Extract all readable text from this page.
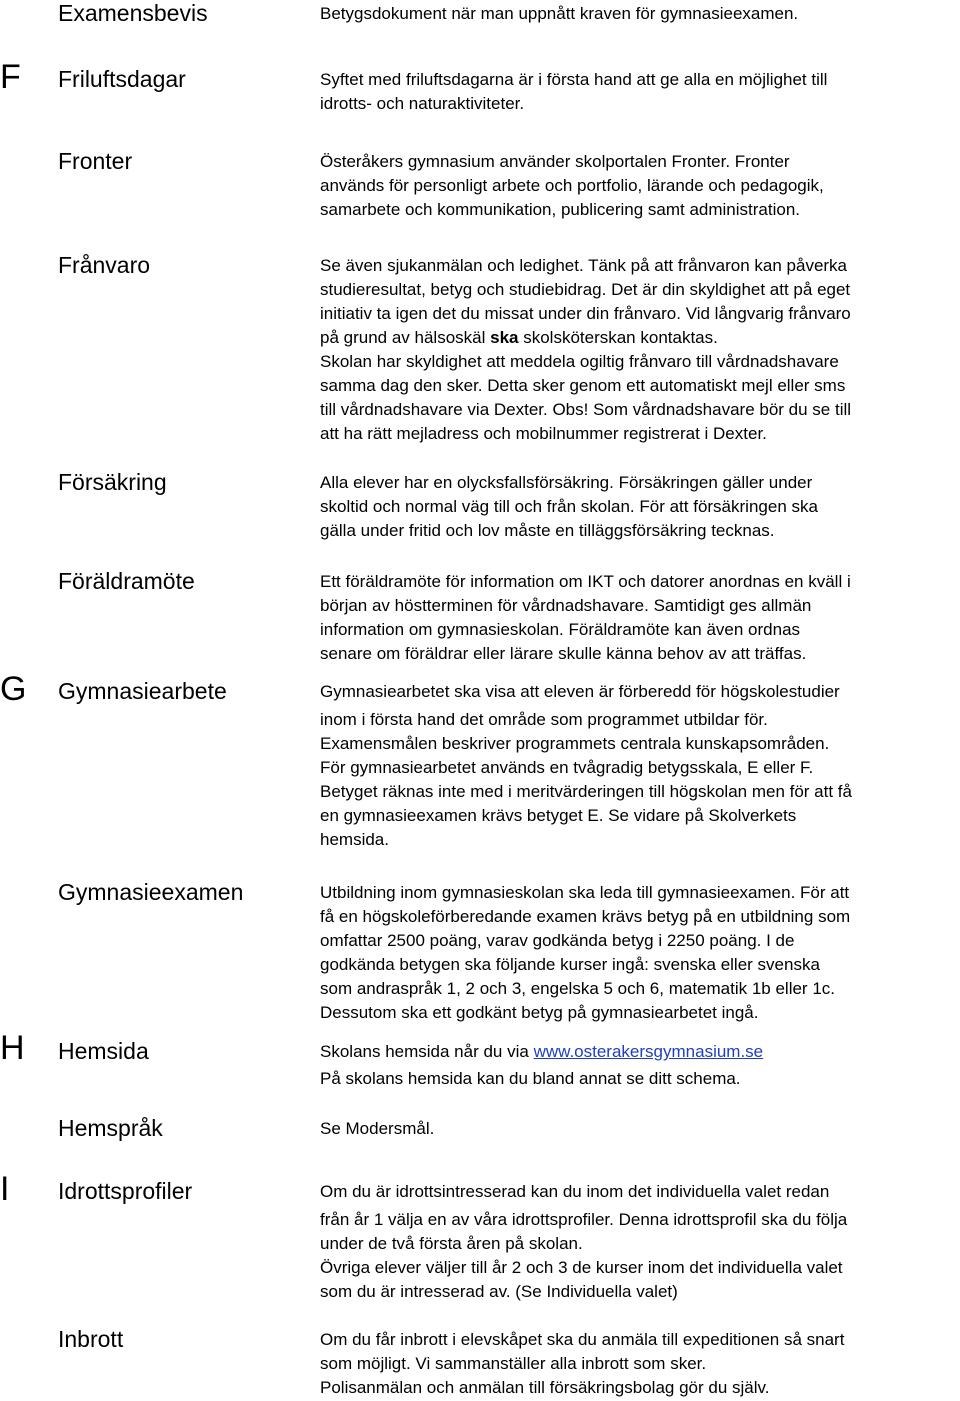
Examensbevis	Betygsdokument när man uppnått kraven för gymnasieexamen.
F Friluftsdagar	Syftet med friluftsdagarna är i första hand att ge alla en möjlighet till
idrotts- och naturaktiviteter.
Fronter	Österåkers gymnasium använder skolportalen Fronter. Fronter
används för personligt arbete och portfolio, lärande och pedagogik,
samarbete och kommunikation, publicering samt administration.
Frånvaro	Se även sjukanmälan och ledighet. Tänk på att frånvaron kan påverka
studieresultat, betyg och studiebidrag. Det är din skyldighet att på eget
initiativ ta igen det du missat under din frånvaro. Vid långvarig frånvaro
på grund av hälsoskäl ska skolsköterskan kontaktas.
Skolan har skyldighet att meddela ogiltig frånvaro till vårdnadshavare
samma dag den sker. Detta sker genom ett automatiskt mejl eller sms
till vårdnadshavare via Dexter. Obs! Som vårdnadshavare bör du se till
att ha rätt mejladress och mobilnummer registrerat i Dexter.
Försäkring	Alla elever har en olycksfallsförsäkring. Försäkringen gäller under
skoltid och normal väg till och från skolan. För att försäkringen ska
gälla under fritid och lov måste en tilläggsförsäkring tecknas.
Föräldramöte	Ett föräldramöte för information om IKT och datorer anordnas en kväll i
början av höstterminen för vårdnadshavare. Samtidigt ges allmän
information om gymnasieskolan. Föräldramöte kan även ordnas
senare om föräldrar eller lärare skulle känna behov av att träffas.
G Gymnasiearbete	Gymnasiearbetet ska visa att eleven är förberedd för högskolestudier
inom i första hand det område som programmet utbildar för.
Examensmålen beskriver programmets centrala kunskapsområden.
För gymnasiearbetet används en tvågradig betygsskala, E eller F.
Betyget räknas inte med i meritvärderingen till högskolan men för att få
en gymnasieexamen krävs betyget E. Se vidare på Skolverkets
hemsida.
Gymnasieexamen	Utbildning inom gymnasieskolan ska leda till gymnasieexamen. För att
få en högskoleförberedande examen krävs betyg på en utbildning som
omfattar 2500 poäng, varav godkända betyg i 2250 poäng. I de
godkända betygen ska följande kurser ingå: svenska eller svenska
som andraspråk 1, 2 och 3, engelska 5 och 6, matematik 1b eller 1c.
Dessutom ska ett godkänt betyg på gymnasiearbetet ingå.
H Hemsida	Skolans hemsida når du via www.osterakersgymnasium.se
På skolans hemsida kan du bland annat se ditt schema.
Hemspråk	Se Modersmål.
I Idrottsprofiler	Om du är idrottsintresserad kan du inom det individuella valet redan
från år 1 välja en av våra idrottsprofiler. Denna idrottsprofil ska du följa
under de två första åren på skolan.
Övriga elever väljer till år 2 och 3 de kurser inom det individuella valet
som du är intresserad av. (Se Individuella valet)
Inbrott	Om du får inbrott i elevskåpet ska du anmäla till expeditionen så snart
som möjligt. Vi sammanställer alla inbrott som sker.
Polisanmälan och anmälan till försäkringsbolag gör du själv.
